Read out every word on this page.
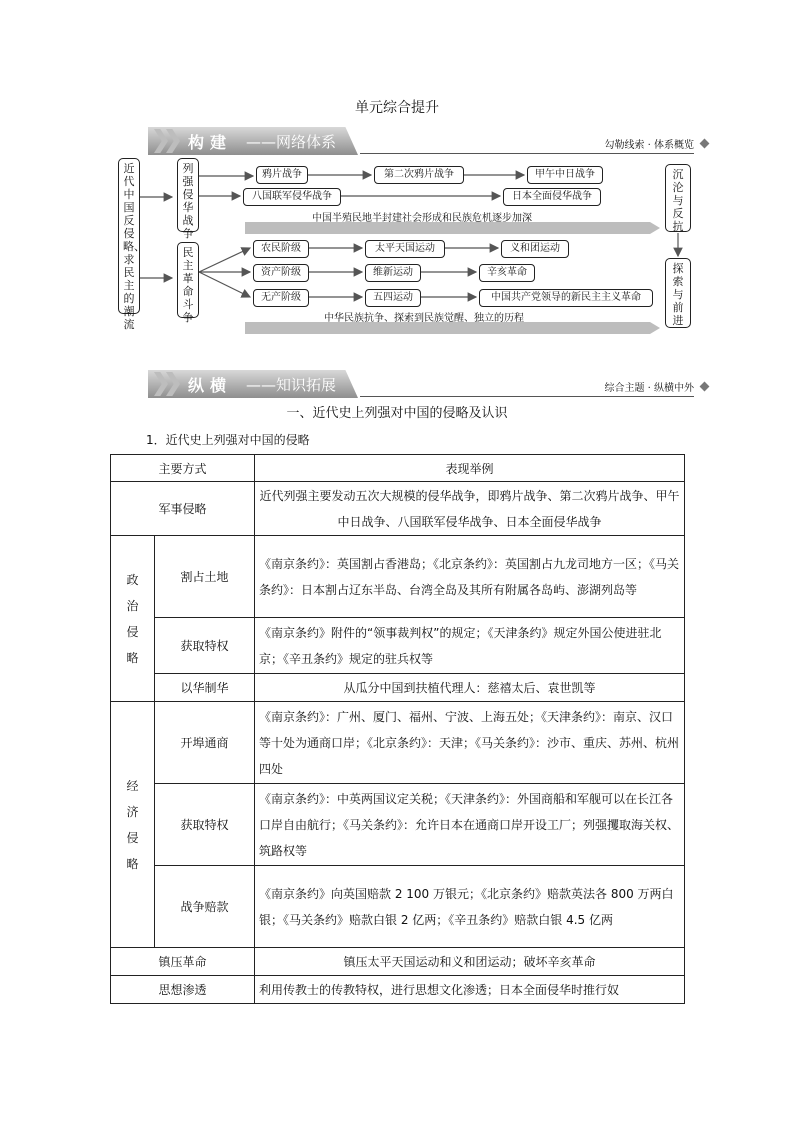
单元综合提升
构建 ——网络体系	勾勒线索 · 体系概览
近代中国反侵略、求民主的潮流
列强侵华战争
民主革命斗争
沉沦与反抗
探索与前进
鸦片战争	第二次鸦片战争	甲午中日战争
八国联军侵华战争	日本全面侵华战争
中国半殖民地半封建社会形成和民族危机逐步加深
农民阶级
资产阶级
无产阶级
太平天国运动	义和团运动
维新运动	辛亥革命
五四运动	中国共产党领导的新民主主义革命
中华民族抗争、探索到民族觉醒、独立的历程
纵横 ——知识拓展	综合主题 · 纵横中外
一、近代史上列强对中国的侵略及认识
1．近代史上列强对中国的侵略
主要方式		表现举例
军事侵略		近代列强主要发动五次大规模的侵华战争，即鸦片战争、第二次鸦片战争、甲午中日战争、八国联军侵华战争、日本全面侵华战争

政
治
侵
略	割占土地	《南京条约》：英国割占香港岛；《北京条约》：英国割占九龙司地方一区；《马关条约》：日本割占辽东半岛、台湾全岛及其所有附属各岛屿、澎湖列岛等
	获取特权	《南京条约》附件的“领事裁判权”的规定；《天津条约》规定外国公使进驻北京；《辛丑条约》规定的驻兵权等
	以华制华	从瓜分中国到扶植代理人：慈禧太后、袁世凯等

经
济
侵
略	开埠通商	《南京条约》：广州、厦门、福州、宁波、上海五处；《天津条约》：南京、汉口等十处为通商口岸；《北京条约》：天津；《马关条约》：沙市、重庆、苏州、杭州四处
	获取特权	《南京条约》：中英两国议定关税；《天津条约》：外国商船和军舰可以在长江各口岸自由航行；《马关条约》：允许日本在通商口岸开设工厂；列强攫取海关权、筑路权等
	战争赔款	《南京条约》向英国赔款 2 100 万银元；《北京条约》赔款英法各 800 万两白银；《马关条约》赔款白银 2 亿两；《辛丑条约》赔款白银 4.5 亿两
镇压革命		镇压太平天国运动和义和团运动；破坏辛亥革命
思想渗透		利用传教士的传教特权，进行思想文化渗透；日本全面侵华时推行奴
